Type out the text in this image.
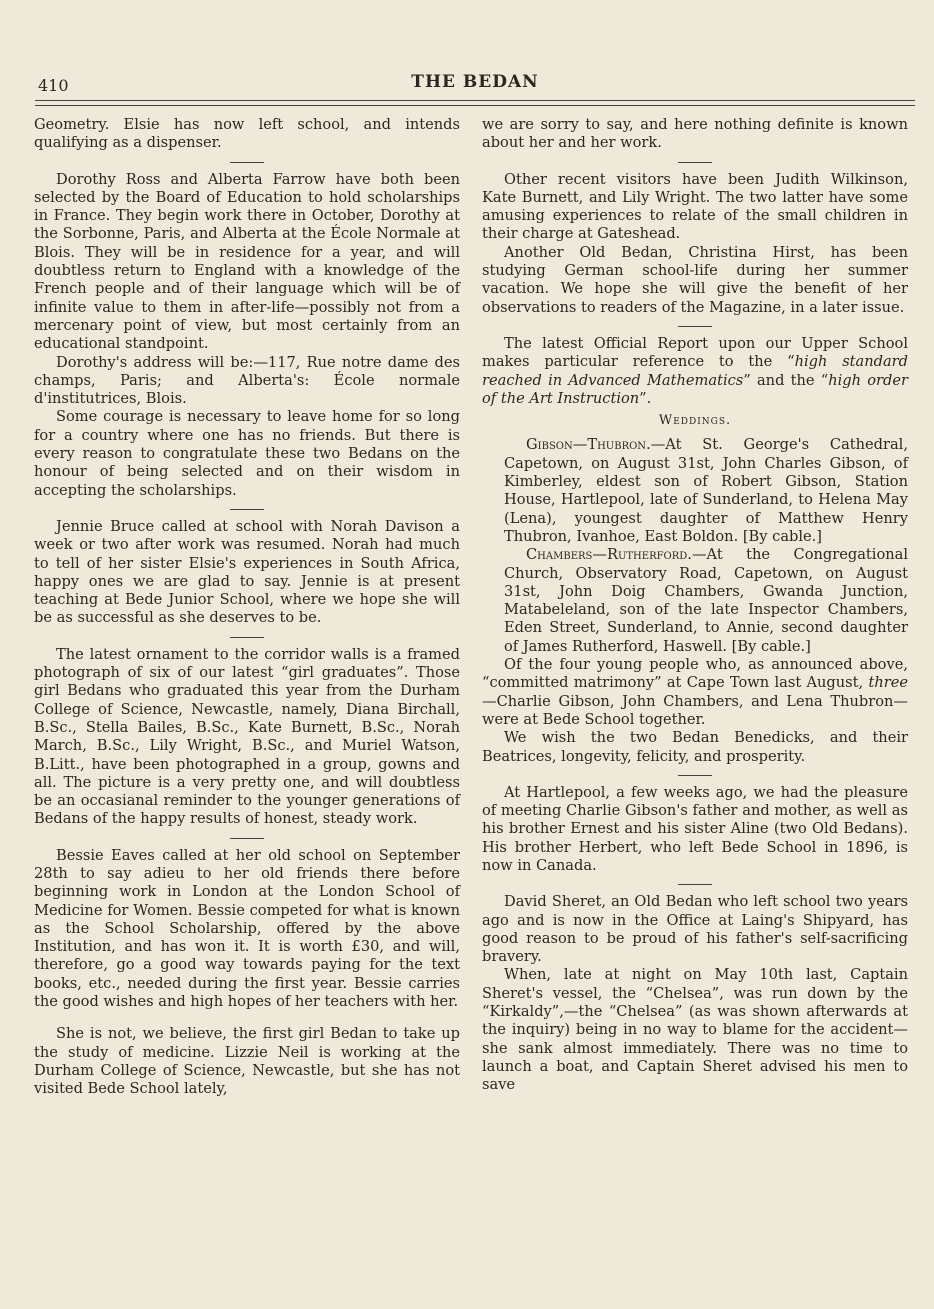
410	THE BEDAN

Geometry. Elsie has now left school, and intends qualifying as a dispenser.

Dorothy Ross and Alberta Farrow have both been selected by the Board of Education to hold scholarships in France. They begin work there in October, Dorothy at the Sorbonne, Paris, and Alberta at the École Normale at Blois. They will be in residence for a year, and will doubtless return to England with a knowledge of the French people and of their language which will be of infinite value to them in after-life—possibly not from a mercenary point of view, but most certainly from an educational standpoint.

Dorothy's address will be:—117, Rue notre dame des champs, Paris; and Alberta's: École normale d'institutrices, Blois.

Some courage is necessary to leave home for so long for a country where one has no friends. But there is every reason to congratulate these two Bedans on the honour of being selected and on their wisdom in accepting the scholarships.

Jennie Bruce called at school with Norah Davison a week or two after work was resumed. Norah had much to tell of her sister Elsie's experiences in South Africa, happy ones we are glad to say. Jennie is at present teaching at Bede Junior School, where we hope she will be as successful as she deserves to be.

The latest ornament to the corridor walls is a framed photograph of six of our latest “girl graduates”. Those girl Bedans who graduated this year from the Durham College of Science, Newcastle, namely, Diana Birchall, B.Sc., Stella Bailes, B.Sc., Kate Burnett, B.Sc., Norah March, B.Sc., Lily Wright, B.Sc., and Muriel Watson, B.Litt., have been photographed in a group, gowns and all. The picture is a very pretty one, and will doubtless be an occasianal reminder to the younger generations of Bedans of the happy results of honest, steady work.

Bessie Eaves called at her old school on September 28th to say adieu to her old friends there before beginning work in London at the London School of Medicine for Women. Bessie competed for what is known as the School Scholarship, offered by the above Institution, and has won it. It is worth £30, and will, therefore, go a good way towards paying for the text books, etc., needed during the first year. Bessie carries the good wishes and high hopes of her teachers with her.

She is not, we believe, the first girl Bedan to take up the study of medicine. Lizzie Neil is working at the Durham College of Science, Newcastle, but she has not visited Bede School lately,

we are sorry to say, and here nothing definite is known about her and her work.

Other recent visitors have been Judith Wilkinson, Kate Burnett, and Lily Wright. The two latter have some amusing experiences to relate of the small children in their charge at Gateshead.

Another Old Bedan, Christina Hirst, has been studying German school-life during her summer vacation. We hope she will give the benefit of her observations to readers of the Magazine, in a later issue.

The latest Official Report upon our Upper School makes particular reference to the “high standard reached in Advanced Mathematics” and the “high order of the Art Instruction”.

Weddings.

Gibson—Thubron.—At St. George's Cathedral, Capetown, on August 31st, John Charles Gibson, of Kimberley, eldest son of Robert Gibson, Station House, Hartlepool, late of Sunderland, to Helena May (Lena), youngest daughter of Matthew Henry Thubron, Ivanhoe, East Boldon. [By cable.]

Chambers—Rutherford.—At the Congregational Church, Observatory Road, Capetown, on August 31st, John Doig Chambers, Gwanda Junction, Matabeleland, son of the late Inspector Chambers, Eden Street, Sunderland, to Annie, second daughter of James Rutherford, Haswell. [By cable.]

Of the four young people who, as announced above, “committed matrimony” at Cape Town last August, three—Charlie Gibson, John Chambers, and Lena Thubron—were at Bede School together.

We wish the two Bedan Benedicks, and their Beatrices, longevity, felicity, and prosperity.

At Hartlepool, a few weeks ago, we had the pleasure of meeting Charlie Gibson's father and mother, as well as his brother Ernest and his sister Aline (two Old Bedans). His brother Herbert, who left Bede School in 1896, is now in Canada.

David Sheret, an Old Bedan who left school two years ago and is now in the Office at Laing's Shipyard, has good reason to be proud of his father's self-sacrificing bravery.

When, late at night on May 10th last, Captain Sheret's vessel, the “Chelsea”, was run down by the “Kirkaldy”,—the “Chelsea” (as was shown afterwards at the inquiry) being in no way to blame for the accident—she sank almost immediately. There was no time to launch a boat, and Captain Sheret advised his men to save
